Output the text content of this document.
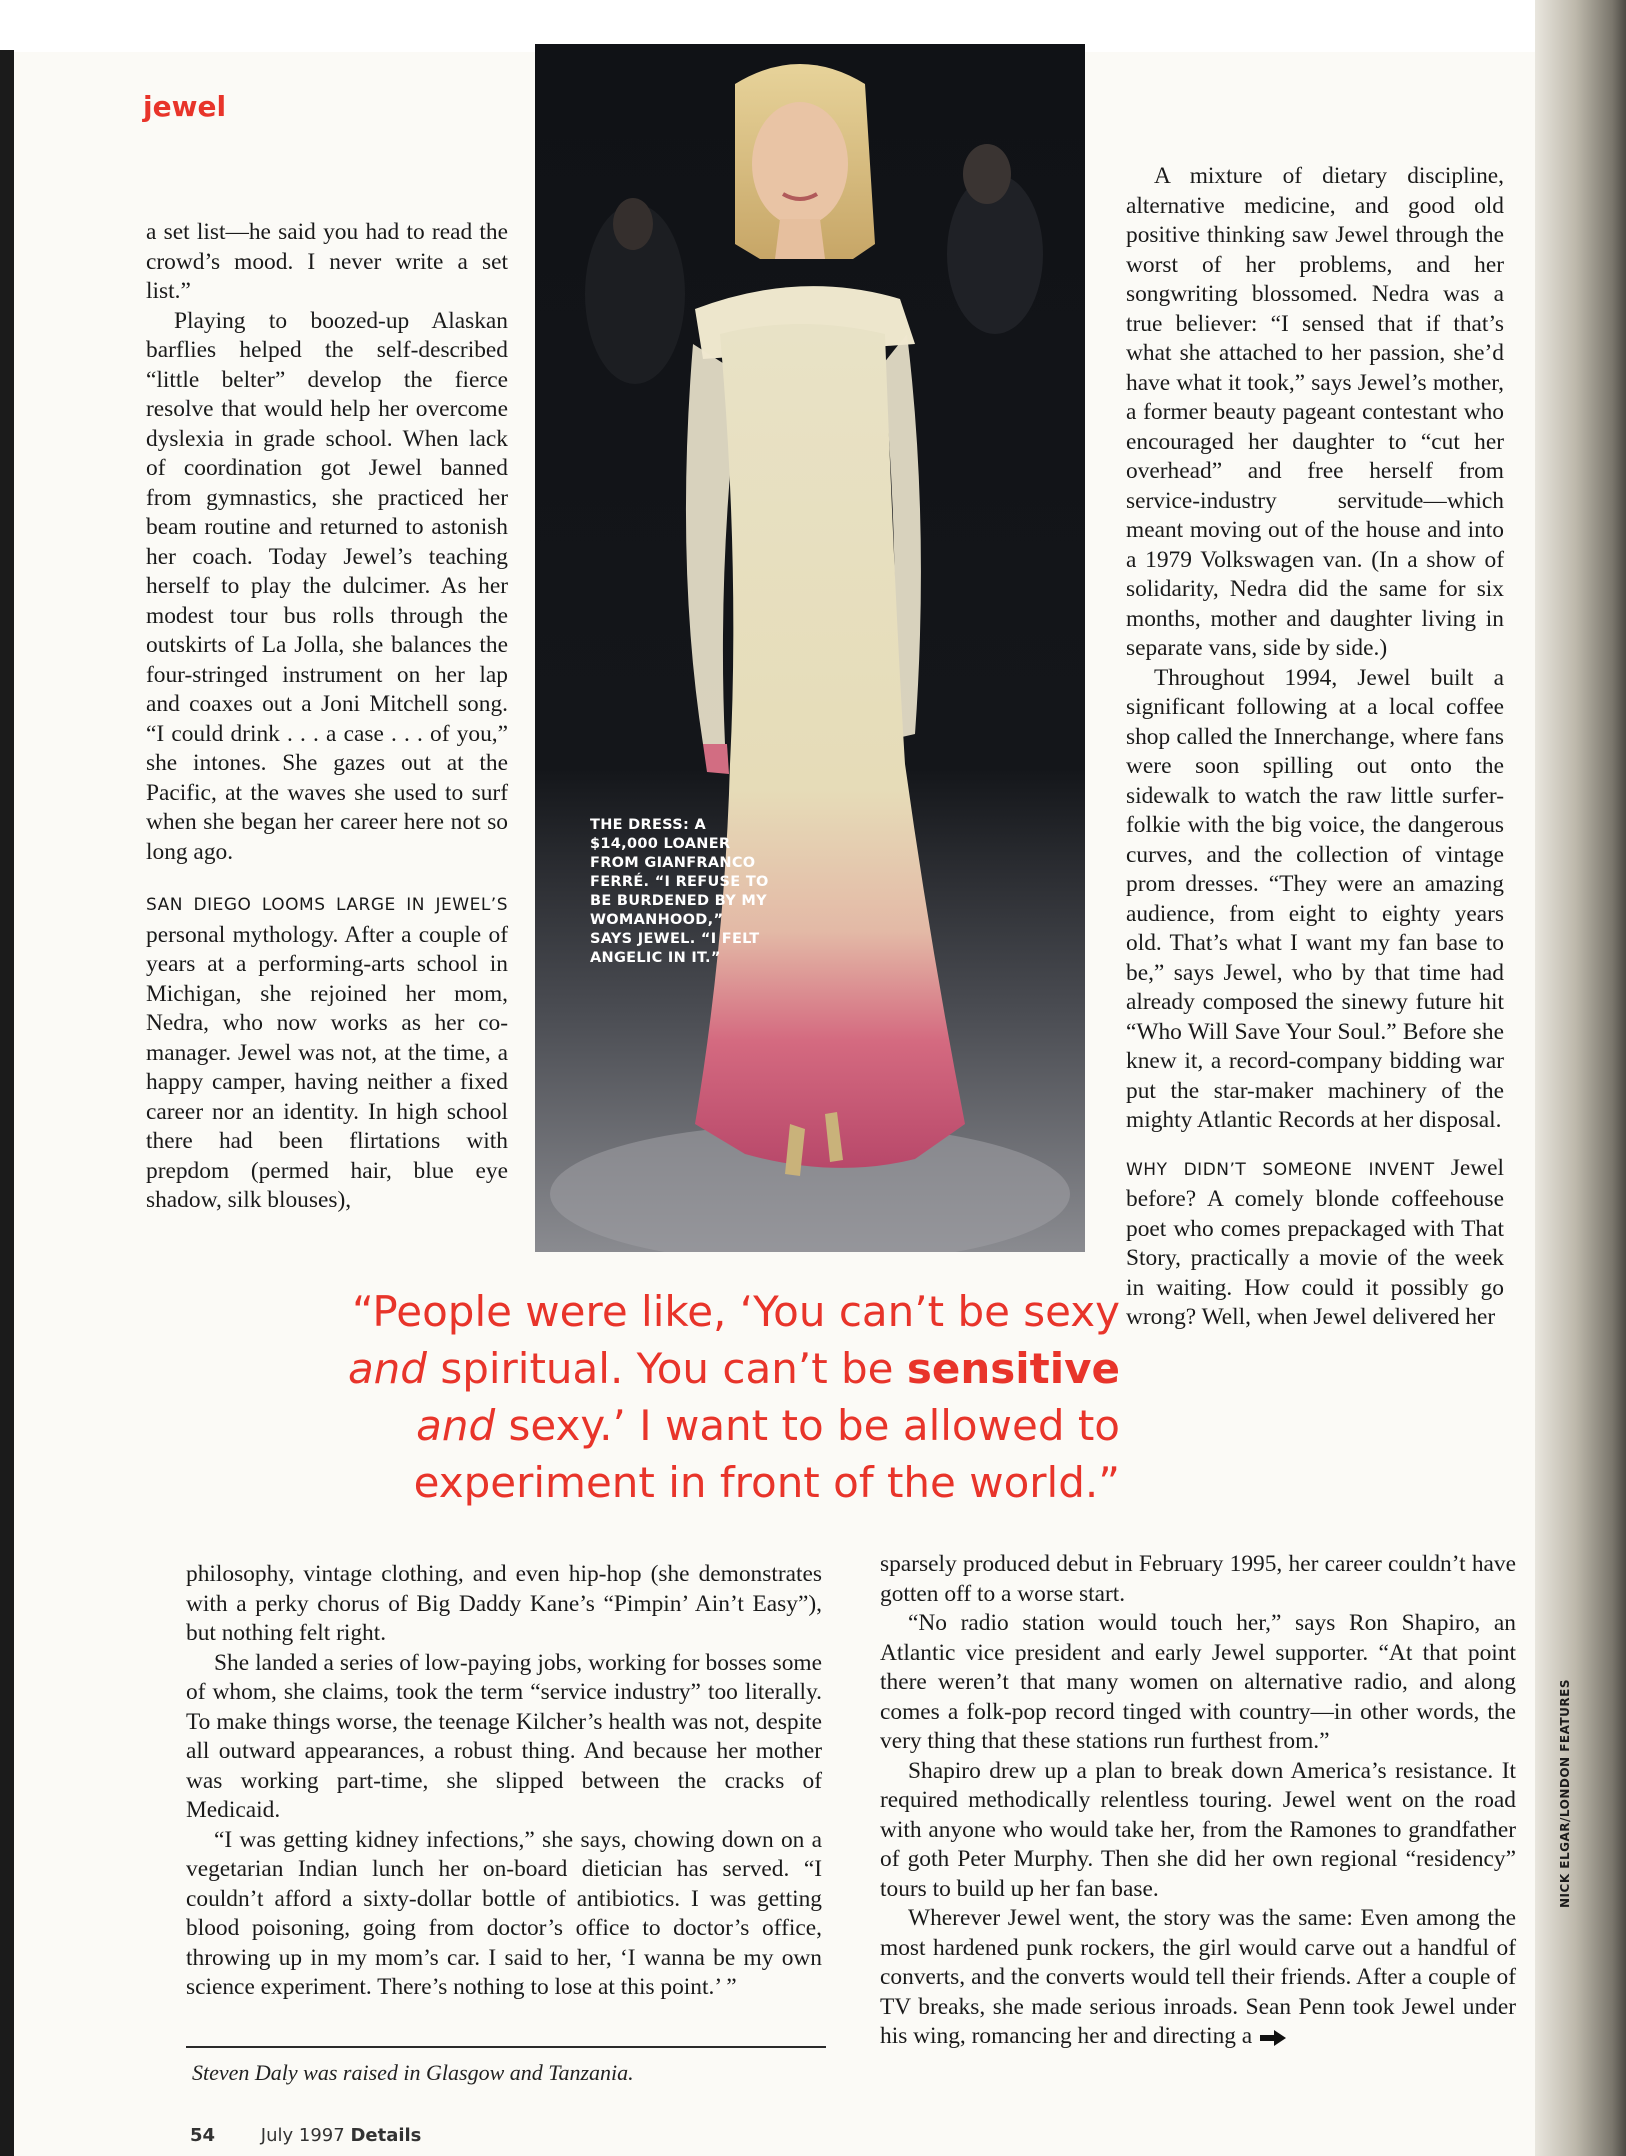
jewel

a set list—he said you had to read the crowd’s mood. I never write a set list.”

Playing to boozed-up Alaskan barflies helped the self-described “little belter” develop the fierce resolve that would help her overcome dyslexia in grade school. When lack of coordination got Jewel banned from gymnastics, she practiced her beam routine and returned to astonish her coach. Today Jewel’s teaching herself to play the dulcimer. As her modest tour bus rolls through the outskirts of La Jolla, she balances the four-stringed instrument on her lap and coaxes out a Joni Mitchell song. “I could drink . . . a case . . . of you,” she intones. She gazes out at the Pacific, at the waves she used to surf when she began her career here not so long ago.

SAN DIEGO LOOMS LARGE IN JEWEL’S personal mythology. After a couple of years at a performing-arts school in Michigan, she rejoined her mom, Nedra, who now works as her co-manager. Jewel was not, at the time, a happy camper, having neither a fixed career nor an identity. In high school there had been flirtations with prepdom (permed hair, blue eye shadow, silk blouses),

THE DRESS: A $14,000 LOANER FROM GIANFRANCO FERRÉ. “I REFUSE TO BE BURDENED BY MY WOMANHOOD,” SAYS JEWEL. “I FELT ANGELIC IN IT.”

A mixture of dietary discipline, alternative medicine, and good old positive thinking saw Jewel through the worst of her problems, and her songwriting blossomed. Nedra was a true believer: “I sensed that if that’s what she attached to her passion, she’d have what it took,” says Jewel’s mother, a former beauty pageant contestant who encouraged her daughter to “cut her overhead” and free herself from service-industry servitude—which meant moving out of the house and into a 1979 Volkswagen van. (In a show of solidarity, Nedra did the same for six months, mother and daughter living in separate vans, side by side.)

Throughout 1994, Jewel built a significant following at a local coffee shop called the Innerchange, where fans were soon spilling out onto the sidewalk to watch the raw little surfer-folkie with the big voice, the dangerous curves, and the collection of vintage prom dresses. “They were an amazing audience, from eight to eighty years old. That’s what I want my fan base to be,” says Jewel, who by that time had already composed the sinewy future hit “Who Will Save Your Soul.” Before she knew it, a record-company bidding war put the star-maker machinery of the mighty Atlantic Records at her disposal.

WHY DIDN’T SOMEONE INVENT Jewel before? A comely blonde coffeehouse poet who comes prepackaged with That Story, practically a movie of the week in waiting. How could it possibly go wrong? Well, when Jewel delivered her

“People were like, ‘You can’t be sexy
and spiritual. You can’t be sensitive
and sexy.’ I want to be allowed to
experiment in front of the world.”

philosophy, vintage clothing, and even hip-hop (she demonstrates with a perky chorus of Big Daddy Kane’s “Pimpin’ Ain’t Easy”), but nothing felt right.

She landed a series of low-paying jobs, working for bosses some of whom, she claims, took the term “service industry” too literally. To make things worse, the teenage Kilcher’s health was not, despite all outward appearances, a robust thing. And because her mother was working part-time, she slipped between the cracks of Medicaid.

“I was getting kidney infections,” she says, chowing down on a vegetarian Indian lunch her on-board dietician has served. “I couldn’t afford a sixty-dollar bottle of antibiotics. I was getting blood poisoning, going from doctor’s office to doctor’s office, throwing up in my mom’s car. I said to her, ‘I wanna be my own science experiment. There’s nothing to lose at this point.’ ”

sparsely produced debut in February 1995, her career couldn’t have gotten off to a worse start.

“No radio station would touch her,” says Ron Shapiro, an Atlantic vice president and early Jewel supporter. “At that point there weren’t that many women on alternative radio, and along comes a folk-pop record tinged with country—in other words, the very thing that these stations run furthest from.”

Shapiro drew up a plan to break down America’s resistance. It required methodically relentless touring. Jewel went on the road with anyone who would take her, from the Ramones to grandfather of goth Peter Murphy. Then she did her own regional “residency” tours to build up her fan base.

Wherever Jewel went, the story was the same: Even among the most hardened punk rockers, the girl would carve out a handful of converts, and the converts would tell their friends. After a couple of TV breaks, she made serious inroads. Sean Penn took Jewel under his wing, romancing her and directing a

Steven Daly was raised in Glasgow and Tanzania.
54	July 1997 Details
NICK ELGAR/LONDON FEATURES
